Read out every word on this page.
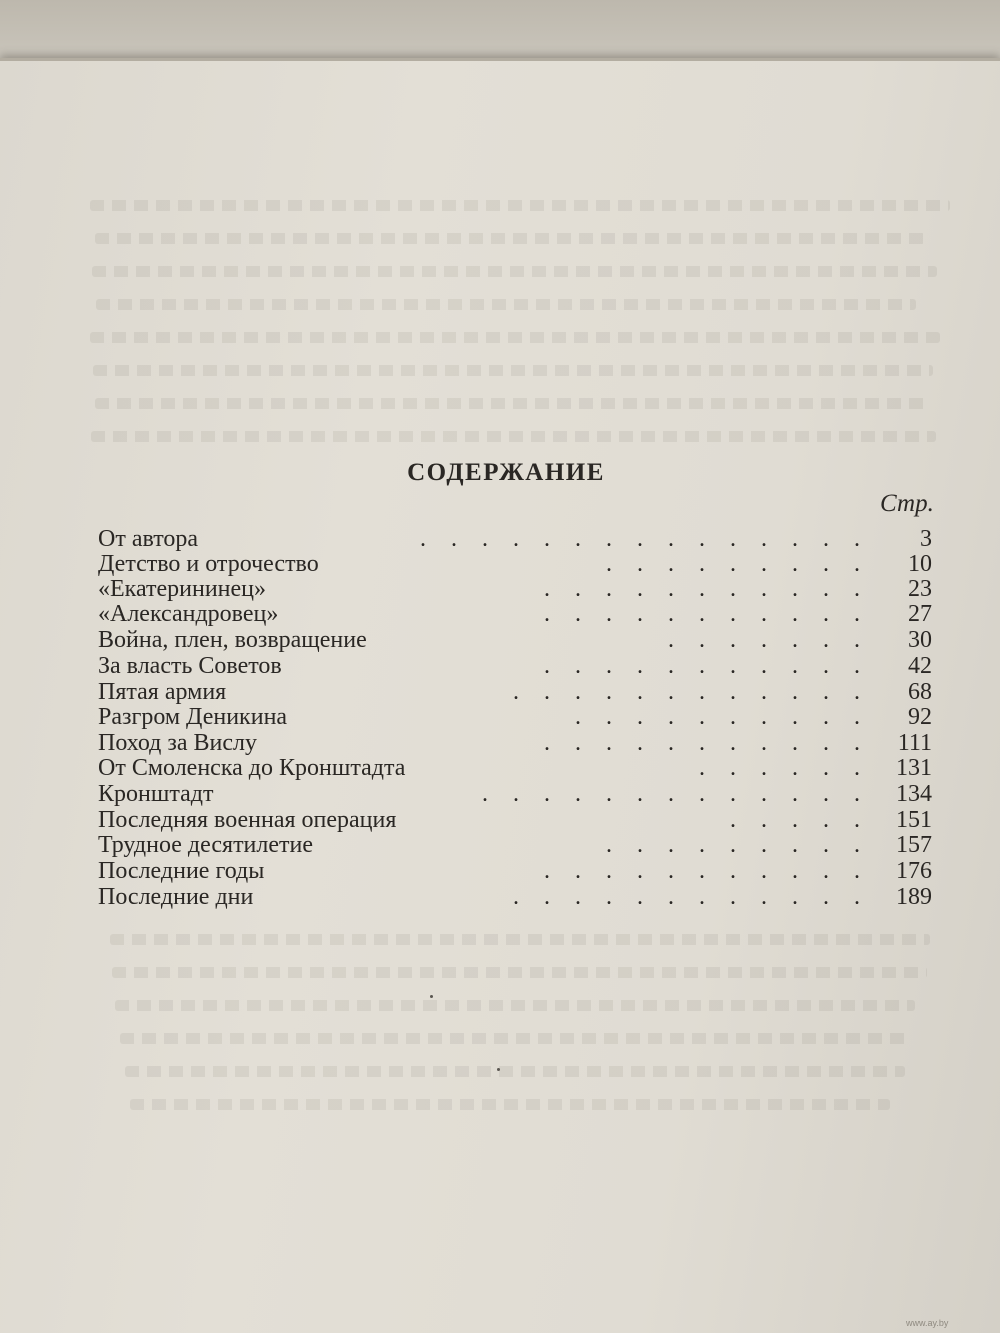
СОДЕРЖАНИЕ
Стр.
От автора	. . . . . . . . . . . . . . .	3
Детство и отрочество	. . . . . . . . . 10
«Екатерининец»	. . . . . . . . . . . 23
«Александровец»	. . . . . . . . . . . 27
Война, плен, возвращение	. . . . . . . 30
За власть Советов	. . . . . . . . . . . 42
Пятая армия	. . . . . . . . . . . . 68
Разгром Деникина	. . . . . . . . . . 92
Поход за Вислу	. . . . . . . . . . . 111
От Смоленска до Кронштадта	. . . . . . 131
Кронштадт	. . . . . . . . . . . . . 134
Последняя военная операция	. . . . . 151
Трудное десятилетие	. . . . . . . . . 157
Последние годы	. . . . . . . . . . . 176
Последние дни	. . . . . . . . . . . . 189
www.ay.by
